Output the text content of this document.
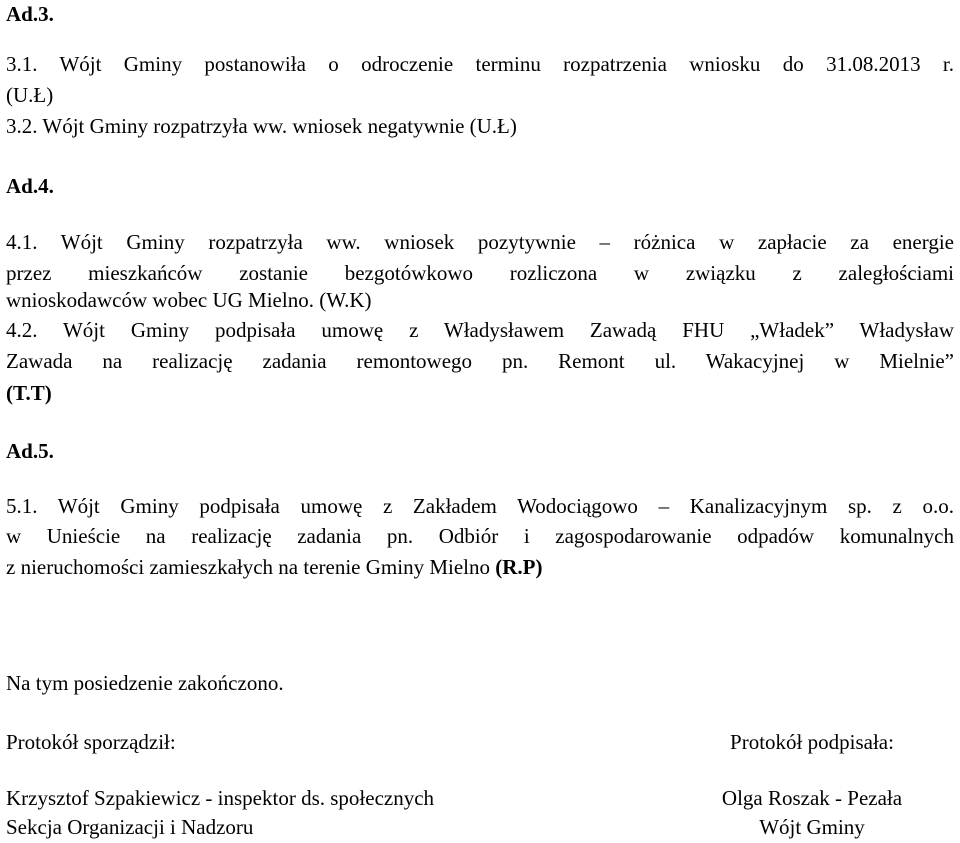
Ad.3.
3.1. Wójt Gminy postanowiła o odroczenie terminu rozpatrzenia wniosku do 31.08.2013 r.
(U.Ł)
3.2. Wójt Gminy rozpatrzyła ww. wniosek negatywnie (U.Ł)
Ad.4.
4.1. Wójt Gminy rozpatrzyła ww. wniosek pozytywnie – różnica w zapłacie za energie
przez mieszkańców zostanie bezgotówkowo rozliczona w związku z zaległościami
wnioskodawców wobec UG Mielno. (W.K)
4.2. Wójt Gminy podpisała umowę z Władysławem Zawadą FHU „Władek” Władysław
Zawada na realizację zadania remontowego pn. Remont ul. Wakacyjnej w Mielnie”
(T.T)
Ad.5.
5.1. Wójt Gminy podpisała umowę z Zakładem Wodociągowo – Kanalizacyjnym sp. z o.o.
w Unieście na realizację zadania pn. Odbiór i zagospodarowanie odpadów komunalnych
z nieruchomości zamieszkałych na terenie Gminy Mielno (R.P)
Na tym posiedzenie zakończono.
Protokół sporządził:	Protokół podpisała:
Krzysztof Szpakiewicz - inspektor ds. społecznych	Olga Roszak - Pezała
Sekcja Organizacji i Nadzoru	Wójt Gminy
